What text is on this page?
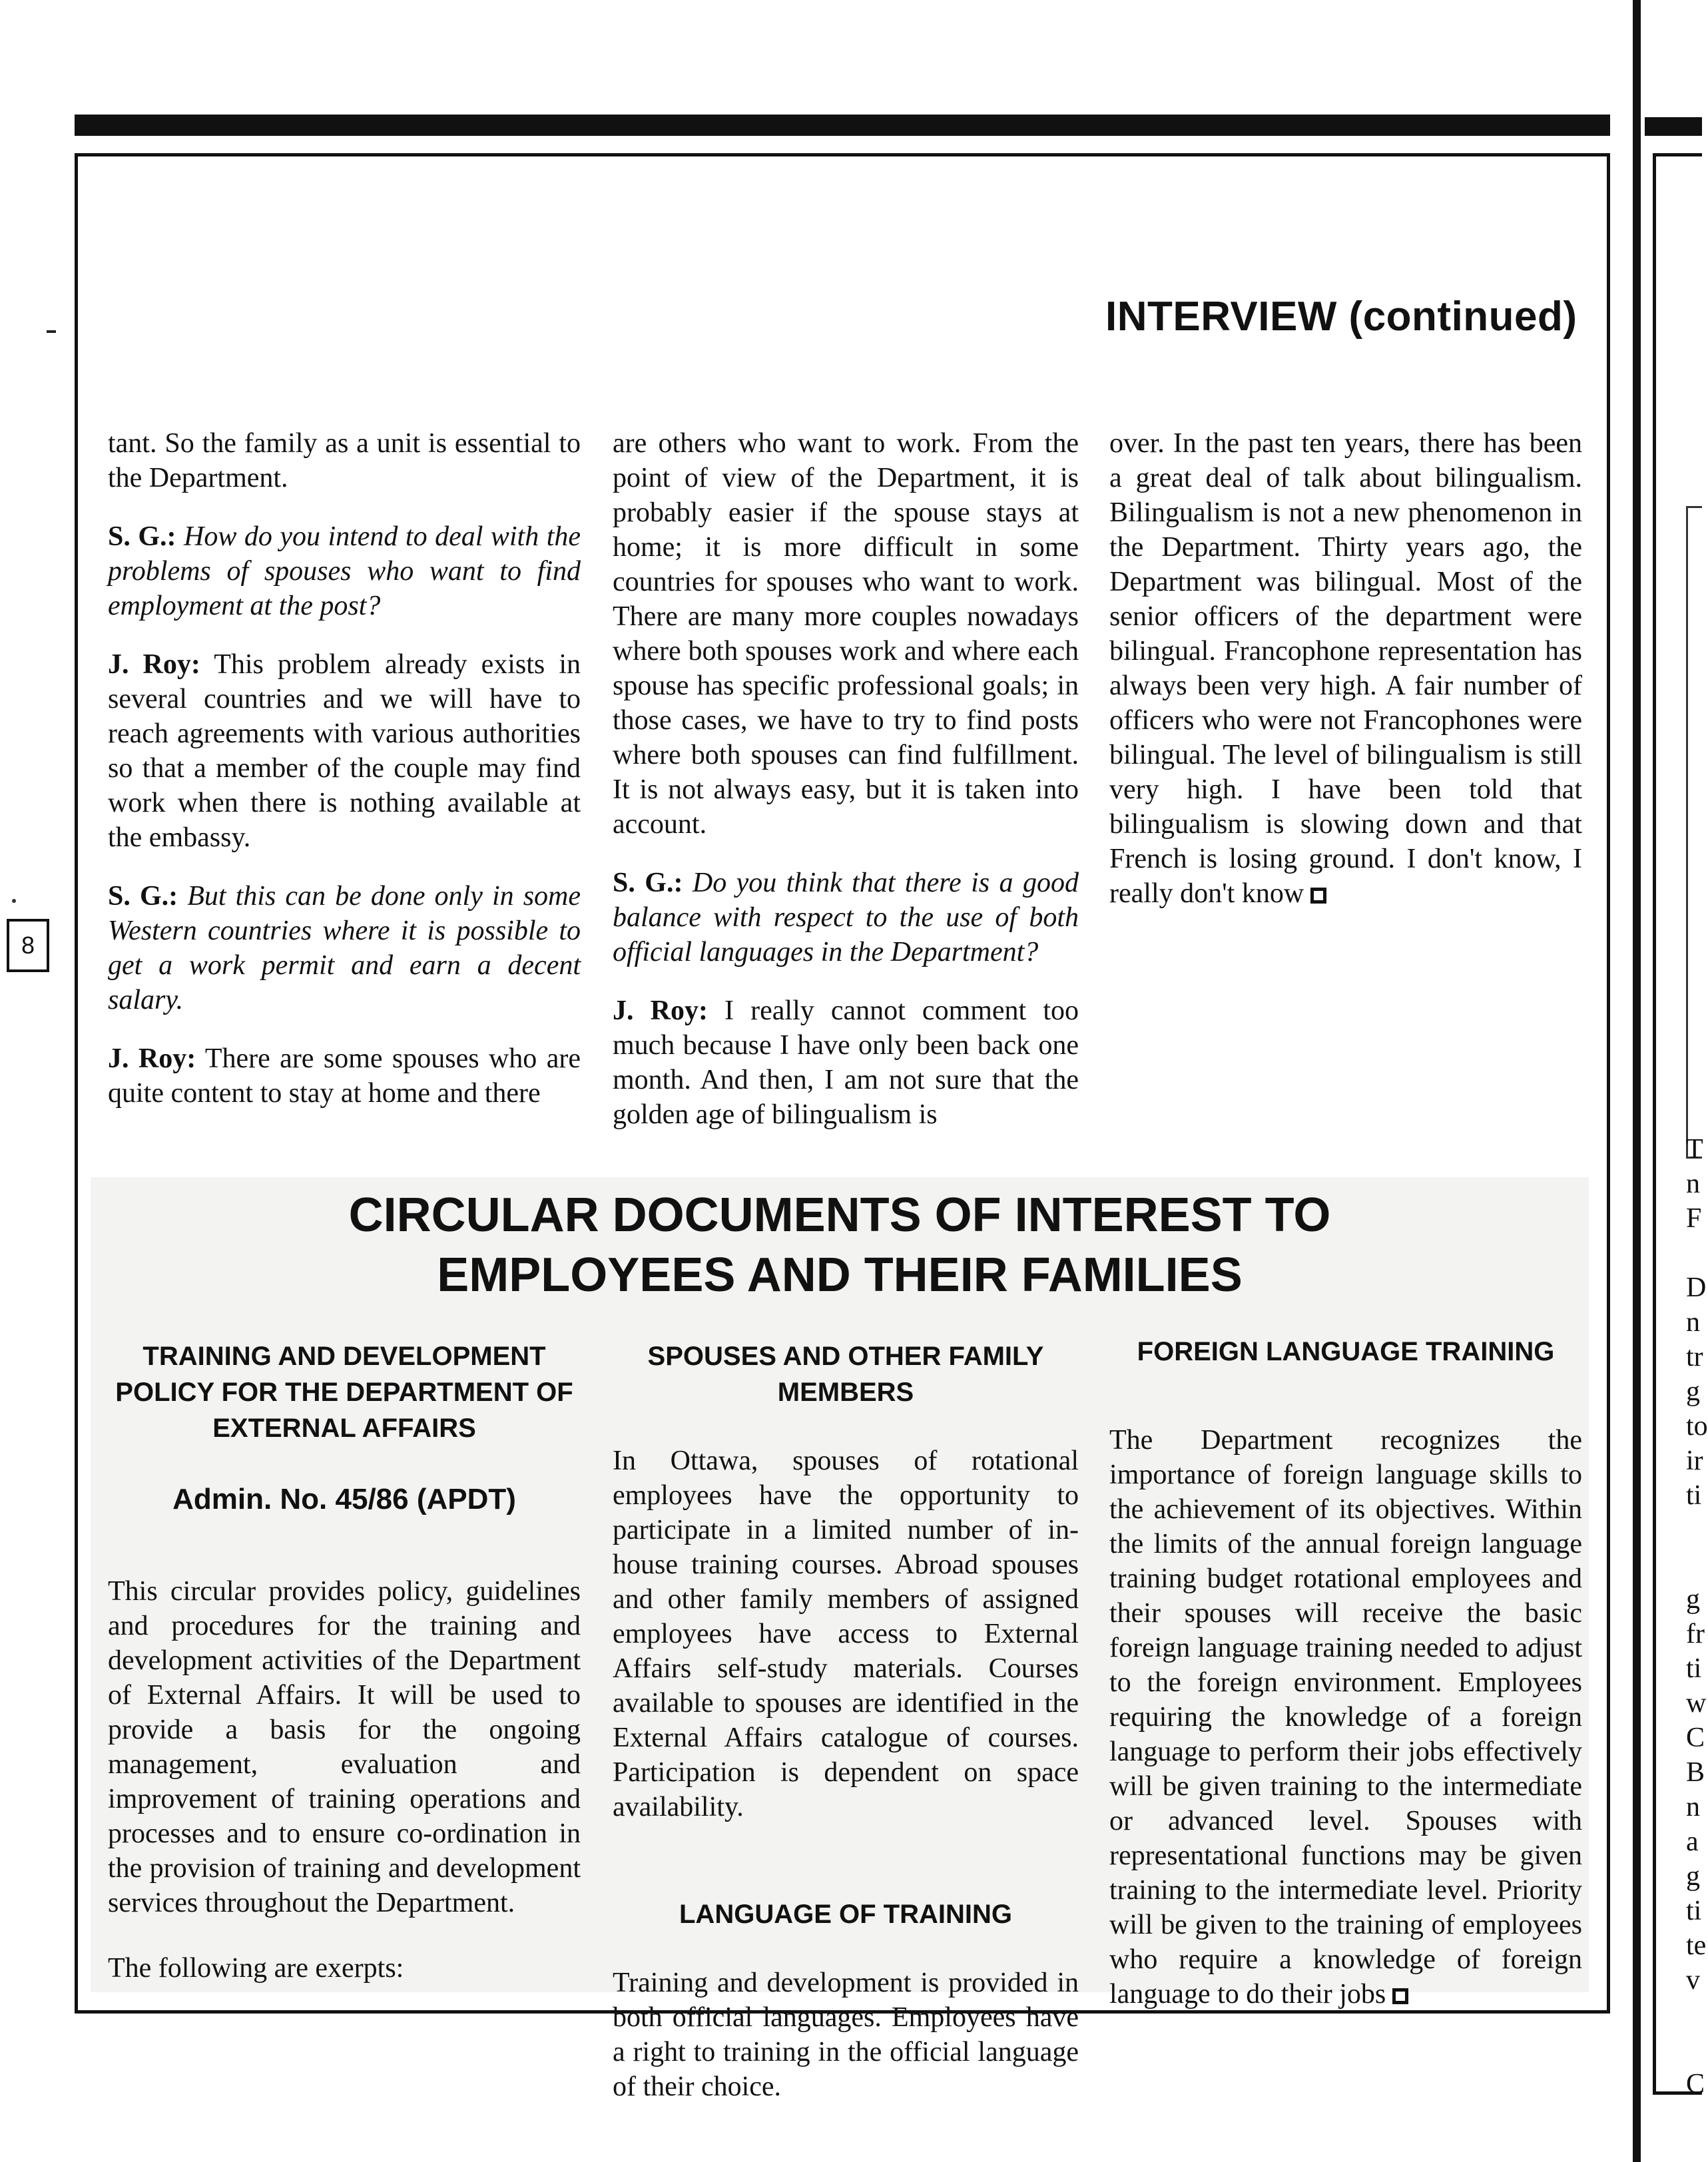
8
INTERVIEW (continued)

tant. So the family as a unit is essential to the Department.

S. G.: How do you intend to deal with the problems of spouses who want to find employment at the post?

J. Roy: This problem already exists in several countries and we will have to reach agreements with various authorities so that a member of the couple may find work when there is nothing available at the embassy.

S. G.: But this can be done only in some Western countries where it is possible to get a work permit and earn a decent salary.

J. Roy: There are some spouses who are quite content to stay at home and there

are others who want to work. From the point of view of the Department, it is probably easier if the spouse stays at home; it is more difficult in some countries for spouses who want to work. There are many more couples nowadays where both spouses work and where each spouse has specific professional goals; in those cases, we have to try to find posts where both spouses can find fulfillment. It is not always easy, but it is taken into account.

S. G.: Do you think that there is a good balance with respect to the use of both official languages in the Department?

J. Roy: I really cannot comment too much because I have only been back one month. And then, I am not sure that the golden age of bilingualism is

over. In the past ten years, there has been a great deal of talk about bilingualism. Bilingualism is not a new phenomenon in the Department. Thirty years ago, the Department was bilingual. Most of the senior officers of the department were bilingual. Francophone representation has always been very high. A fair number of officers who were not Francophones were bilingual. The level of bilingualism is still very high. I have been told that bilingualism is slowing down and that French is losing ground. I don't know, I really don't know

CIRCULAR DOCUMENTS OF INTEREST TO
EMPLOYEES AND THEIR FAMILIES

TRAINING AND DEVELOPMENT POLICY FOR THE DEPARTMENT OF EXTERNAL AFFAIRS

Admin. No. 45/86 (APDT)

This circular provides policy, guidelines and procedures for the training and development activities of the Department of External Affairs. It will be used to provide a basis for the ongoing management, evaluation and improvement of training operations and processes and to ensure co-ordination in the provision of training and development services throughout the Department.

The following are exerpts:

SPOUSES AND OTHER FAMILY MEMBERS

In Ottawa, spouses of rotational employees have the opportunity to participate in a limited number of in-house training courses. Abroad spouses and other family members of assigned employees have access to External Affairs self-study materials. Courses available to spouses are identified in the External Affairs catalogue of courses. Participation is dependent on space availability.

LANGUAGE OF TRAINING

Training and development is provided in both official languages. Employees have a right to training in the official language of their choice.

FOREIGN LANGUAGE TRAINING

The Department recognizes the importance of foreign language skills to the achievement of its objectives. Within the limits of the annual foreign language training budget rotational employees and their spouses will receive the basic foreign language training needed to adjust to the foreign environment. Employees requiring the knowledge of a foreign language to perform their jobs effectively will be given training to the intermediate or advanced level. Spouses with representational functions may be given training to the intermediate level. Priority will be given to the training of employees who require a knowledge of foreign language to do their jobs

T
n
F
D
n
tr
g
to
ir
ti
g
fr
ti
w
C
B
n
a
g
ti
te
v
C
